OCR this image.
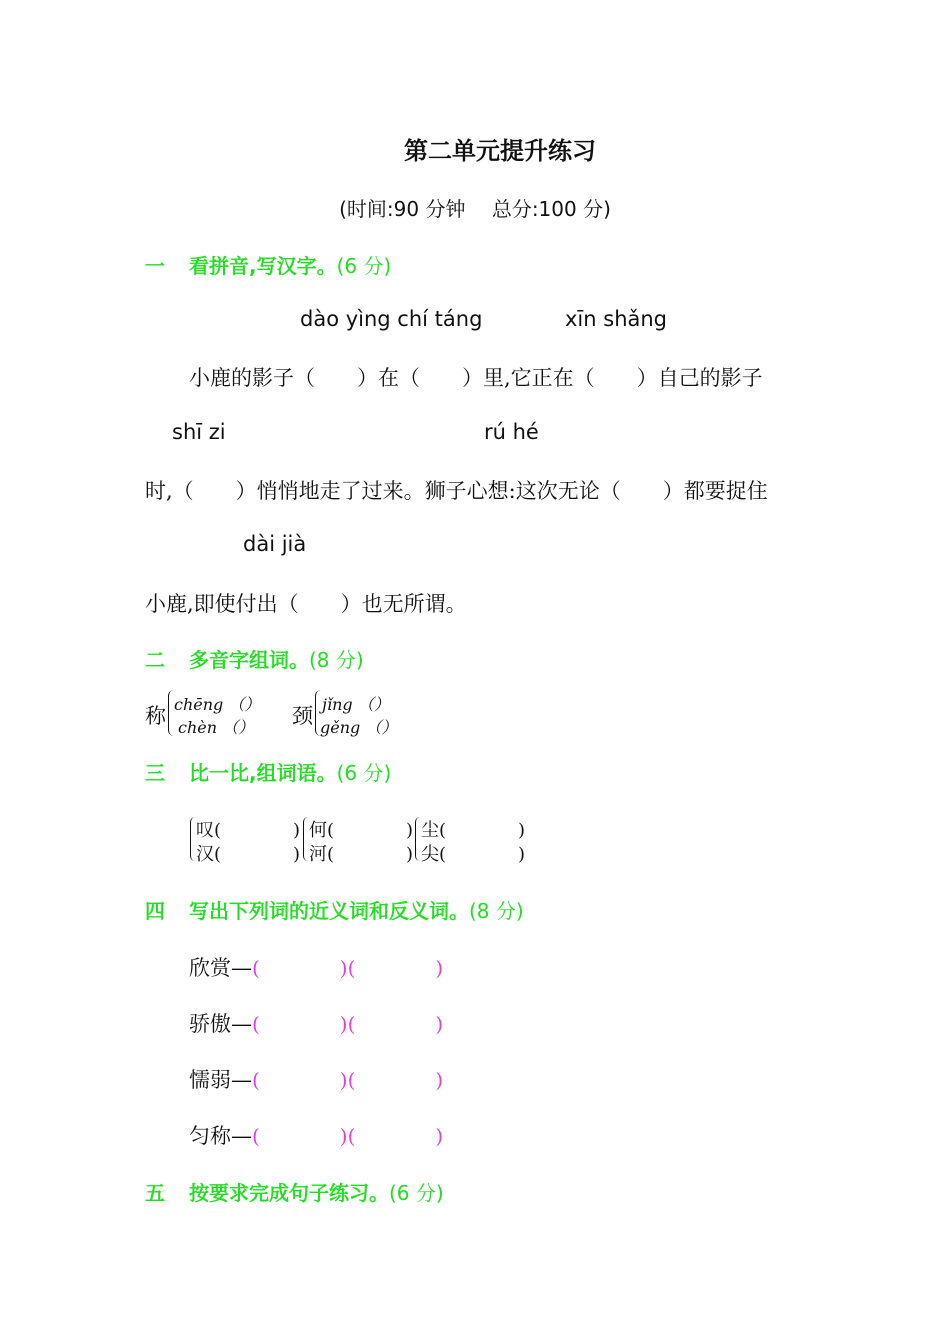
第二单元提升练习
(时间:90 分钟　 总分:100 分)
一 看拼音,写汉字。(6 分)
dào yìng chí táng	xīn shǎng
小鹿的影子（　　）在（　　）里,它正在（　　）自己的影子
shī zi	rú hé
时,（　　）悄悄地走了过来。狮子心想:这次无论（　　）都要捉住
dài jià
小鹿,即使付出（　　）也无所谓。
二 多音字组词。(8 分)
称 chēng （）
chèn （） 颈 jǐng （）
gěng （）
三 比一比,组词语。(6 分)
叹(　　　　)
汉(　　　　)
何(　　　　)
河(　　　　)
尘(　　　　)
尖(　　　　)
四 写出下列词的近义词和反义词。(8 分)
欣赏—(　　　　)(　　　　)
骄傲—(　　　　)(　　　　)
懦弱—(　　　　)(　　　　)
匀称—(　　　　)(　　　　)
五 按要求完成句子练习。(6 分)
